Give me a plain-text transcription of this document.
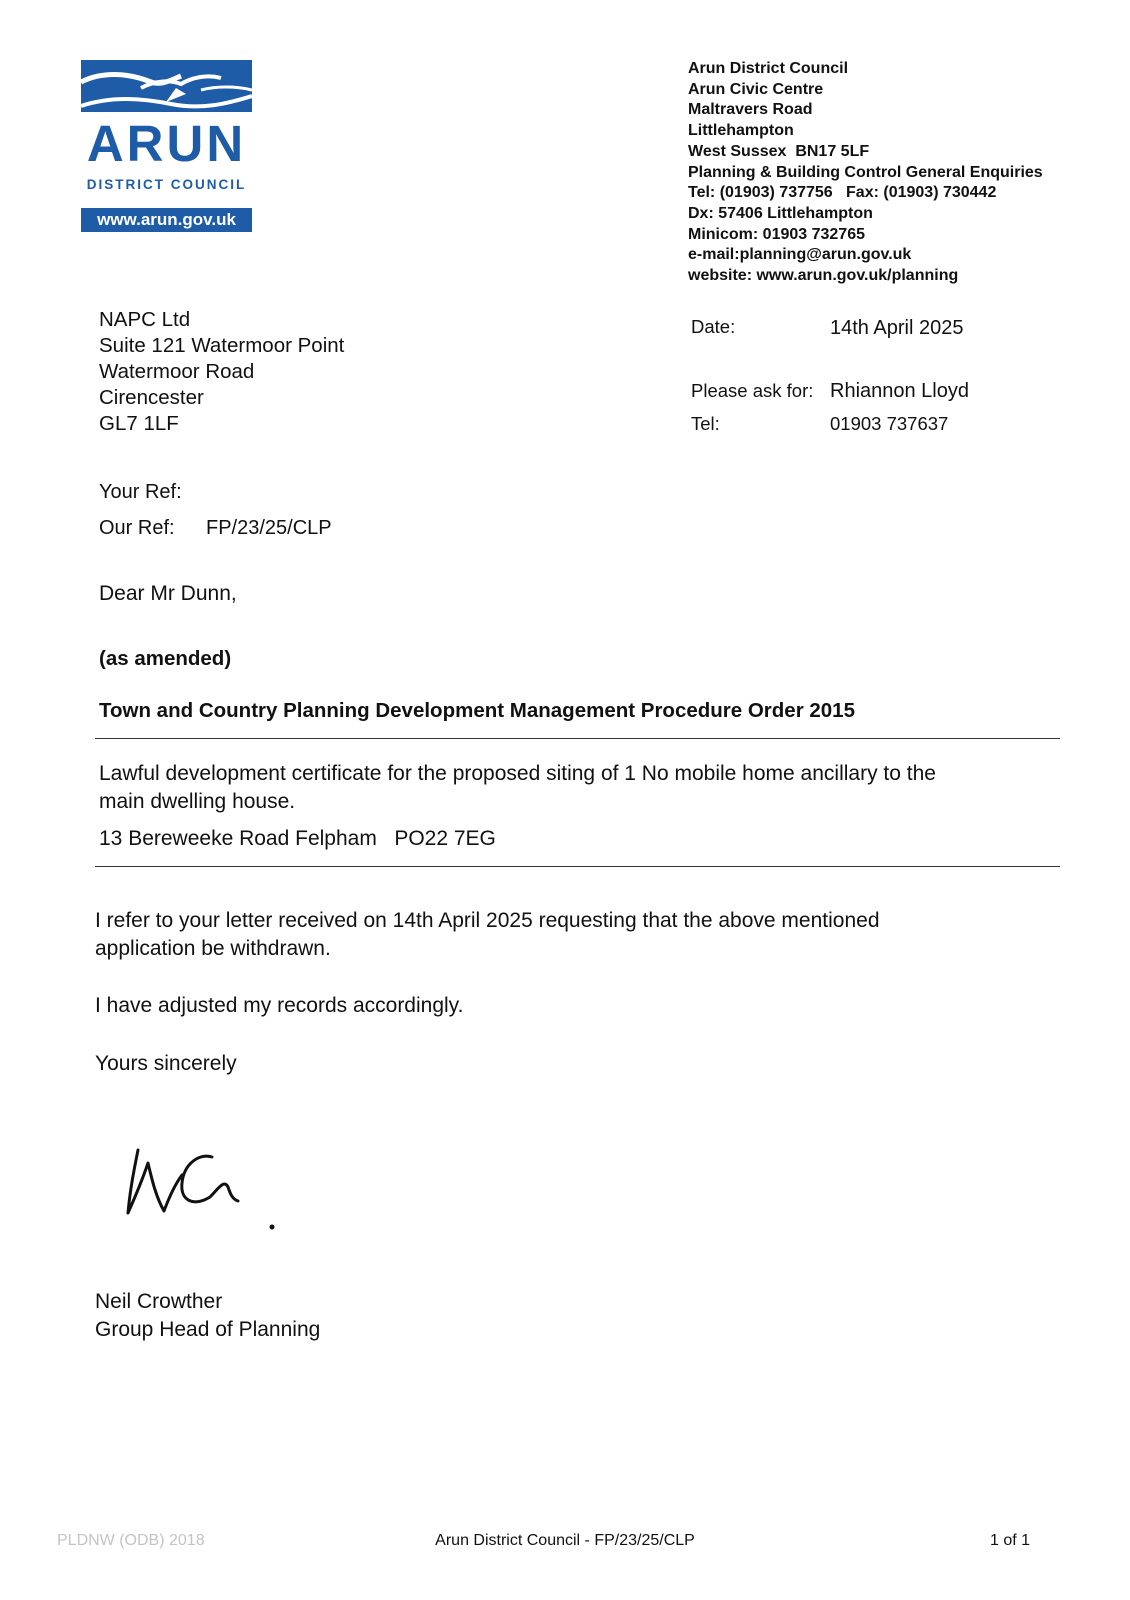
ARUN
DISTRICT COUNCIL
www.arun.gov.uk
Arun District Council
Arun Civic Centre
Maltravers Road
Littlehampton
West Sussex  BN17 5LF
Planning & Building Control General Enquiries
Tel: (01903) 737756   Fax: (01903) 730442
Dx: 57406 Littlehampton
Minicom: 01903 732765
e-mail:planning@arun.gov.uk
website: www.arun.gov.uk/planning
NAPC Ltd
Suite 121 Watermoor Point
Watermoor Road
Cirencester
GL7 1LF
Date:	14th April 2025
Please ask for: Rhiannon Lloyd
Tel:	01903 737637
Your Ref:
Our Ref: FP/23/25/CLP
Dear Mr Dunn,
(as amended)
Town and Country Planning Development Management Procedure Order 2015
Lawful development certificate for the proposed siting of 1 No mobile home ancillary to the
main dwelling house.
13 Bereweeke Road Felpham   PO22 7EG
I refer to your letter received on 14th April 2025 requesting that the above mentioned
application be withdrawn.
I have adjusted my records accordingly.
Yours sincerely
Neil Crowther
Group Head of Planning
PLDNW (ODB) 2018	Arun District Council - FP/23/25/CLP	1 of 1
